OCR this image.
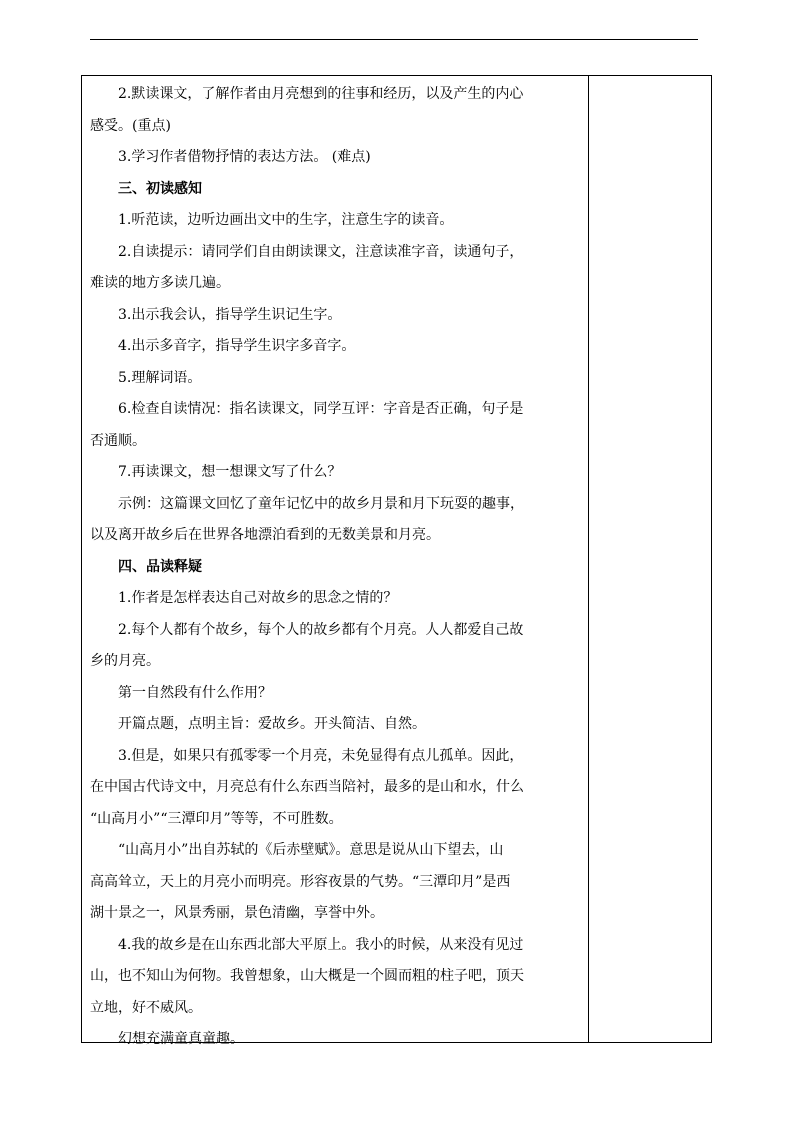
2.默读课文，了解作者由月亮想到的往事和经历，以及产生的内心
感受。(重点)
3.学习作者借物抒情的表达方法。 (难点)
三、初读感知
1.听范读，边听边画出文中的生字，注意生字的读音。
2.自读提示：请同学们自由朗读课文，注意读准字音，读通句子，
难读的地方多读几遍。
3.出示我会认，指导学生识记生字。
4.出示多音字，指导学生识字多音字。
5.理解词语。
6.检查自读情况：指名读课文，同学互评：字音是否正确，句子是
否通顺。
7.再读课文，想一想课文写了什么？
示例：这篇课文回忆了童年记忆中的故乡月景和月下玩耍的趣事，
以及离开故乡后在世界各地漂泊看到的无数美景和月亮。
四、品读释疑
1.作者是怎样表达自己对故乡的思念之情的？
2.每个人都有个故乡，每个人的故乡都有个月亮。人人都爱自己故
乡的月亮。
第一自然段有什么作用？
开篇点题，点明主旨：爱故乡。开头简洁、自然。
3.但是，如果只有孤零零一个月亮，未免显得有点儿孤单。因此，
在中国古代诗文中，月亮总有什么东西当陪衬，最多的是山和水，什么
“山高月小”“三潭印月”等等，不可胜数。
“山高月小”出自苏轼的《后赤壁赋》。意思是说从山下望去，山
高高耸立，天上的月亮小而明亮。形容夜景的气势。“三潭印月”是西
湖十景之一，风景秀丽，景色清幽，享誉中外。
4.我的故乡是在山东西北部大平原上。我小的时候，从来没有见过
山，也不知山为何物。我曾想象，山大概是一个圆而粗的柱子吧，顶天
立地，好不威风。
幻想充满童真童趣。
